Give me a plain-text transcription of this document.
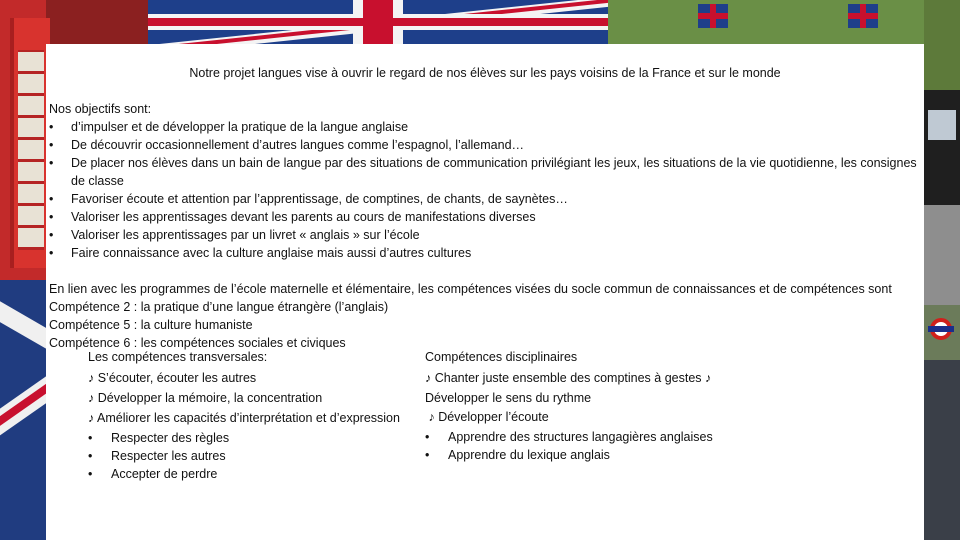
Notre projet langues vise à ouvrir le regard de nos élèves sur les pays voisins de la France et sur le monde

Nos objectifs sont:

• d’impulser et de développer la pratique de la langue anglaise
• De découvrir occasionnellement d’autres langues comme l’espagnol, l’allemand…
• De placer nos élèves dans un bain de langue par des situations de communication privilégiant les jeux, les situations de la vie quotidienne, les consignes de classe
• Favoriser écoute et attention par l’apprentissage, de comptines, de chants, de saynètes…
• Valoriser les apprentissages devant les parents au cours de manifestations diverses
• Valoriser les apprentissages par un livret « anglais » sur l’école
• Faire connaissance avec la culture anglaise mais aussi d’autres cultures

En lien avec les programmes de l’école maternelle et élémentaire, les compétences visées du socle commun de connaissances et de compétences sont

Compétence 2 : la pratique d’une langue étrangère (l’anglais)

Compétence 5 : la culture humaniste

Compétence 6 : les compétences sociales et civiques

Les compétences transversales:
♪ S’écouter, écouter les autres
♪ Développer la mémoire, la concentration
♪ Améliorer les capacités d’interprétation et d’expression
• Respecter des règles
• Respecter les autres
• Accepter de perdre
Compétences disciplinaires
♪ Chanter juste ensemble des comptines à gestes ♪
Développer le sens du rythme
♪ Développer l’écoute
• Apprendre des structures langagières anglaises
• Apprendre du lexique anglais
